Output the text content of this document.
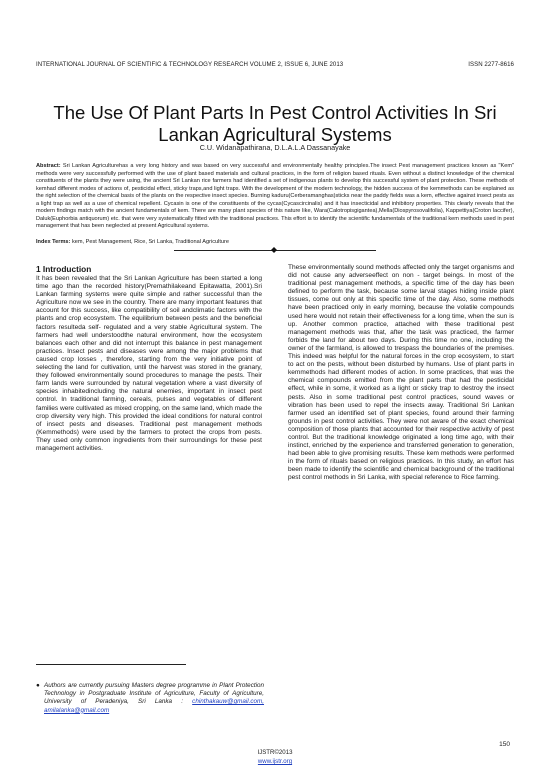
INTERNATIONAL JOURNAL OF SCIENTIFIC & TECHNOLOGY RESEARCH VOLUME 2, ISSUE 6, JUNE 2013	ISSN 2277-8616
The Use Of Plant Parts In Pest Control Activities In Sri Lankan Agricultural Systems
C.U. Widanapathirana, D.L.A.L.A Dassanayake
Abstract: Sri Lankan Agriculturehas a very long history and was based on very successful and environmentally healthy principles.The insect Pest management practices known as "Kem" methods were very successfully performed with the use of plant based materials and cultural practices, in the form of religion based rituals. Even without a distinct knowledge of the chemical constituents of the plants they were using, the ancient Sri Lankan rice farmers had identified a set of indigenous plants to develop this successful system of plant protection. These methods of kemhad different modes of actions of, pesticidal effect, sticky traps,and light traps. With the development of the modern technology, the hidden success of the kemmethods can be explained as the right selection of the chemical basis of the plants on the respective insect species. Burning kaduru(Cerberamanghas)sticks near the paddy fields was a kem, effective against insect pests as a light trap as well as a use of chemical repellent. Cycasin is one of the constituents of the cycas(Cycascircinalis) and it has insecticidal and inhibitory properties. This clearly reveals that the modern findings match with the ancient fundamentals of kem. There are many plant species of this nature like, Wara(Calotropisgigantea),Mella(Diospyrosovalifolia), Kappettiya(Croton laccifer), Daluk(Euphorbia antiquorum) etc. that were very systematically fitted with the traditional practices. This effort is to identify the scientific fundamentals of the traditional kem methods used in pest management that has been neglected at present Agricultural systems.
Index Terms: kem, Pest Management, Rice, Sri Lanka, Traditional Agriculture
1 Introduction

It has been revealed that the Sri Lankan Agriculture has been started a long time ago than the recorded history(Premathilakeand Epitawatta, 2001).Sri Lankan farming systems were quite simple and rather successful than the Agriculture now we see in the country. There are many important features that account for this success, like compatibility of soil andclimatic factors with the plants and crop ecosystem. The equilibrium between pests and the beneficial factors resulteda self- regulated and a very stable Agricultural system. The farmers had well understoodthe natural environment, how the ecosystem balances each other and did not interrupt this balance in pest management practices. Insect pests and diseases were among the major problems that caused crop losses , therefore, starting from the very initiative point of selecting the land for cultivation, until the harvest was stored in the granary, they followed environmentally sound procedures to manage the pests. Their farm lands were surrounded by natural vegetation where a vast diversity of species inhabitedincluding the natural enemies, important in insect pest control. In traditional farming, cereals, pulses and vegetables of different families were cultivated as mixed cropping, on the same land, which made the crop diversity very high. This provided the ideal conditions for natural control of insect pests and diseases. Traditional pest management methods (Kemmethods) were used by the farmers to protect the crops from pests. They used only common ingredients from their surroundings for these pest management activities.

These environmentally sound methods affected only the target organisms and did not cause any adverseeffect on non - target beings. In most of the traditional pest management methods, a specific time of the day has been defined to perform the task, because some larval stages hiding inside plant tissues, come out only at this specific time of the day. Also, some methods have been practiced only in early morning, because the volatile compounds used here would not retain their effectiveness for a long time, when the sun is up. Another common practice, attached with these traditional pest management methods was that, after the task was practiced, the farmer forbids the land for about two days. During this time no one, including the owner of the farmland, is allowed to trespass the boundaries of the premises. This indeed was helpful for the natural forces in the crop ecosystem, to start to act on the pests, without been disturbed by humans. Use of plant parts in kemmethods had different modes of action. In some practices, that was the chemical compounds emitted from the plant parts that had the pesticidal effect, while in some, it worked as a light or sticky trap to destroy the insect pests. Also in some traditional pest control practices, sound waves or vibration has been used to repel the insects away. Traditional Sri Lankan farmer used an identified set of plant species, found around their farming grounds in pest control activities. They were not aware of the exact chemical composition of those plants that accounted for their respective activity of pest control. But the traditional knowledge originated a long time ago, with their instinct, enriched by the experience and transferred generation to generation, had been able to give promising results. These kem methods were performed in the form of rituals based on religious practices. In this study, an effort has been made to identify the scientific and chemical background of the traditional pest control methods in Sri Lanka, with special reference to Rice farming.

● Authors are currently pursuing Masters degree programme in Plant Protection Technology in Postgraduate Institute of Agriculture, Faculty of Agriculture, University of Peradeniya, Sri Lanka : chinthakauw@gmail.com, amilalanka@gmail.com
150
IJSTR©2013
www.ijstr.org
